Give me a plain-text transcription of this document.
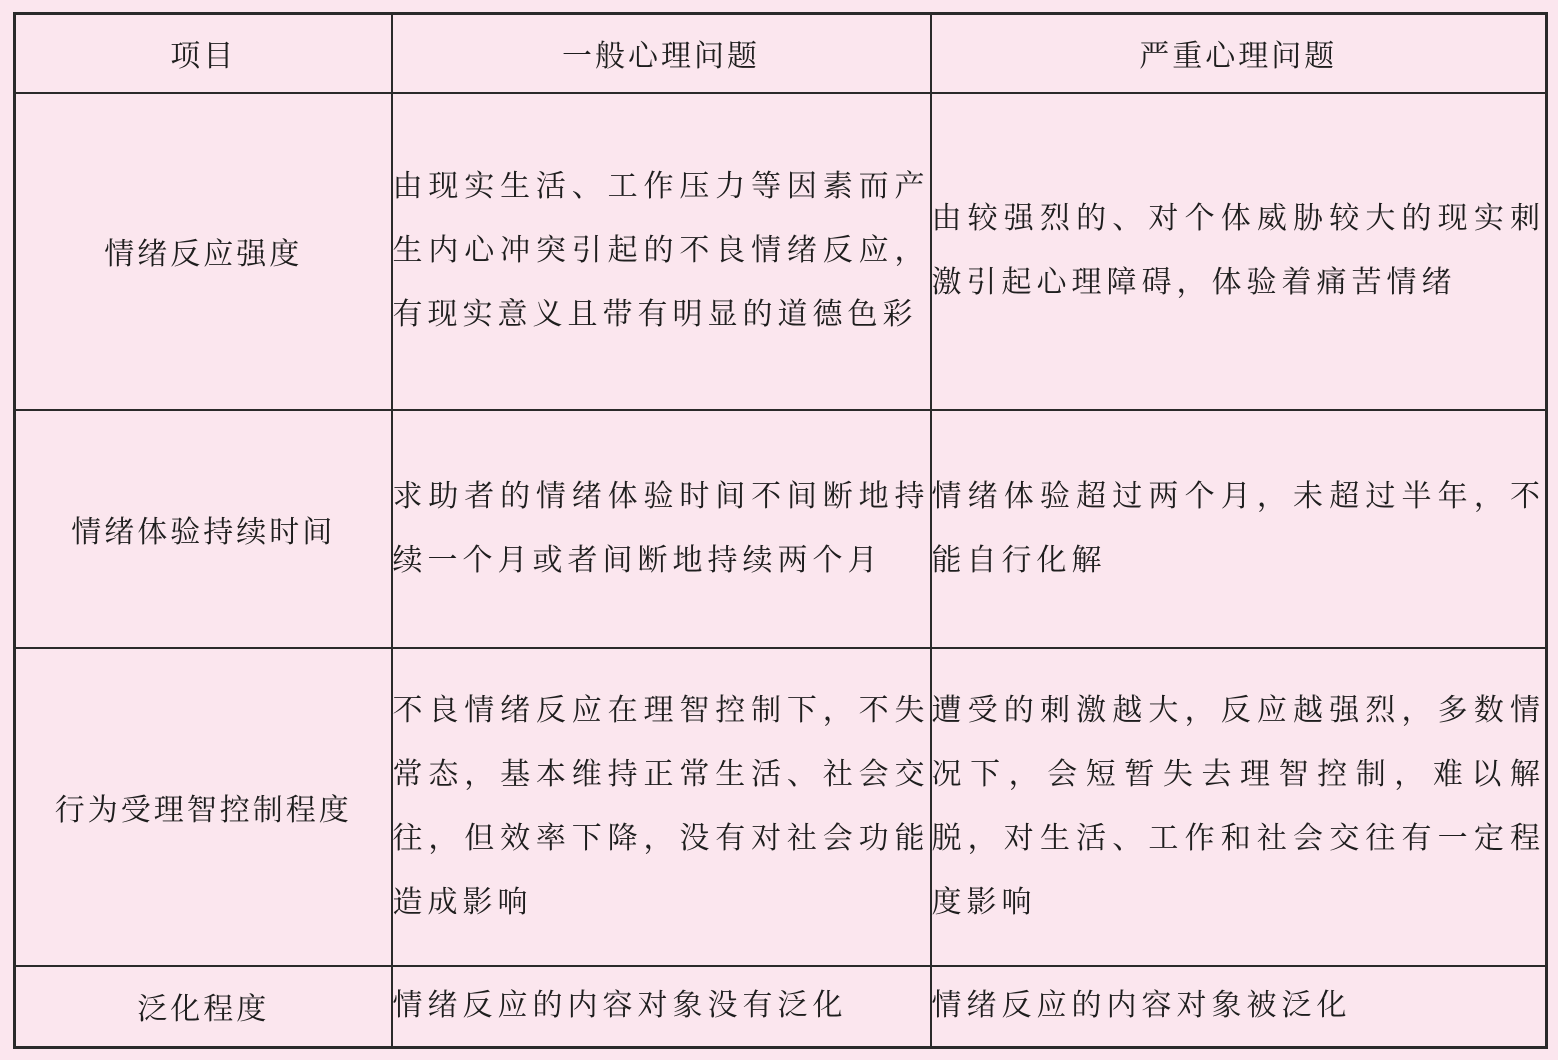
项目	一般心理问题	严重心理问题
情绪反应强度	由现实生活、工作压力等因素而产生内心冲突引起的不良情绪反应，有现实意义且带有明显的道德色彩	由较强烈的、对个体威胁较大的现实刺激引起心理障碍，体验着痛苦情绪
情绪体验持续时间	求助者的情绪体验时间不间断地持续一个月或者间断地持续两个月	情绪体验超过两个月，未超过半年，不能自行化解
行为受理智控制程度	不良情绪反应在理智控制下，不失常态，基本维持正常生活、社会交往，但效率下降，没有对社会功能造成影响	遭受的刺激越大，反应越强烈，多数情况下，会短暂失去理智控制，难以解脱，对生活、工作和社会交往有一定程度影响
泛化程度	情绪反应的内容对象没有泛化	情绪反应的内容对象被泛化
